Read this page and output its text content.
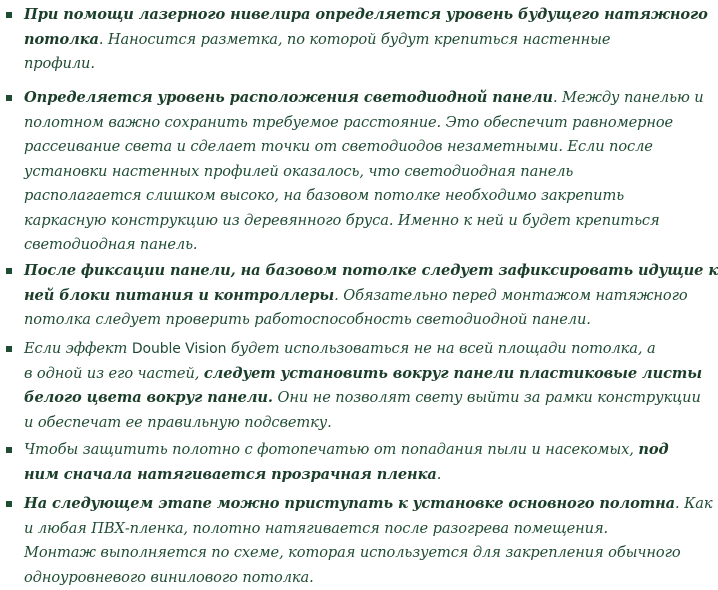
При помощи лазерного нивелира определяется уровень будущего натяжного
потолка. Наносится разметка, по которой будут крепиться настенные
профили.
Определяется уровень расположения светодиодной панели. Между панелью и
полотном важно сохранить требуемое расстояние. Это обеспечит равномерное
рассеивание света и сделает точки от светодиодов незаметными. Если после
установки настенных профилей оказалось, что светодиодная панель
располагается слишком высоко, на базовом потолке необходимо закрепить
каркасную конструкцию из деревянного бруса. Именно к ней и будет крепиться
светодиодная панель.
После фиксации панели, на базовом потолке следует зафиксировать идущие к
ней блоки питания и контроллеры. Обязательно перед монтажом натяжного
потолка следует проверить работоспособность светодиодной панели.
Если эффект Double Vision будет использоваться не на всей площади потолка, а
в одной из его частей, следует установить вокруг панели пластиковые листы
белого цвета вокруг панели. Они не позволят свету выйти за рамки конструкции
и обеспечат ее правильную подсветку.
Чтобы защитить полотно с фотопечатью от попадания пыли и насекомых, под
ним сначала натягивается прозрачная пленка.
На следующем этапе можно приступать к установке основного полотна. Как
и любая ПВХ-пленка, полотно натягивается после разогрева помещения.
Монтаж выполняется по схеме, которая используется для закрепления обычного
одноуровневого винилового потолка.
